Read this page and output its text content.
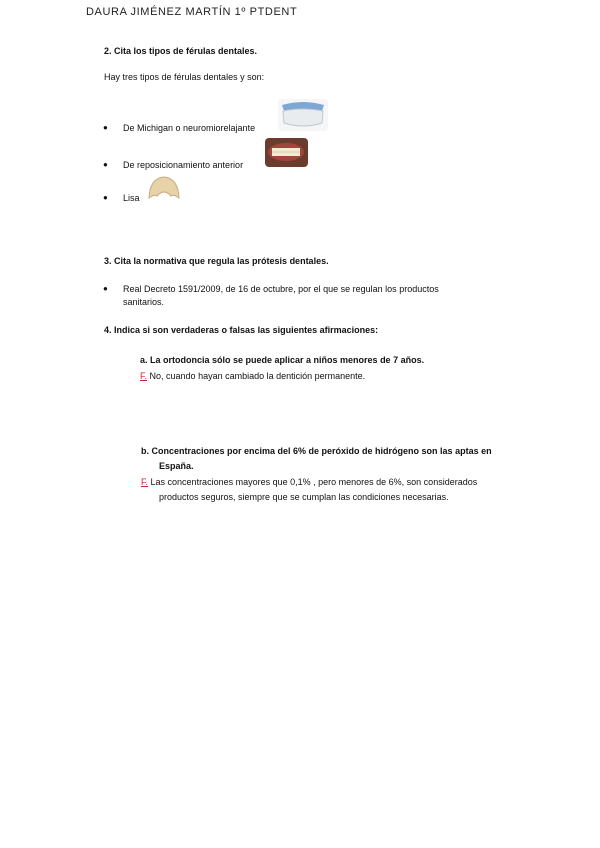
DAURA JIMÉNEZ MARTÍN 1º PTDENT
2. Cita los tipos de férulas dentales.
Hay tres tipos de férulas dentales y son:
● De Michigan o neuromiorelajante
● De reposicionamiento anterior
● Lisa
3. Cita la normativa que regula las prótesis dentales.
● Real Decreto 1591/2009, de 16 de octubre, por el que se regulan los productos
sanitarios.
4. Indica si son verdaderas o falsas las siguientes afirmaciones:
a. La ortodoncia sólo se puede aplicar a niños menores de 7 años.
F. No, cuando hayan cambiado la dentición permanente.
b. Concentraciones por encima del 6% de peróxido de hidrógeno son las aptas en
España.
F. Las concentraciones mayores que 0,1% , pero menores de 6%, son considerados
productos seguros, siempre que se cumplan las condiciones necesarias.
